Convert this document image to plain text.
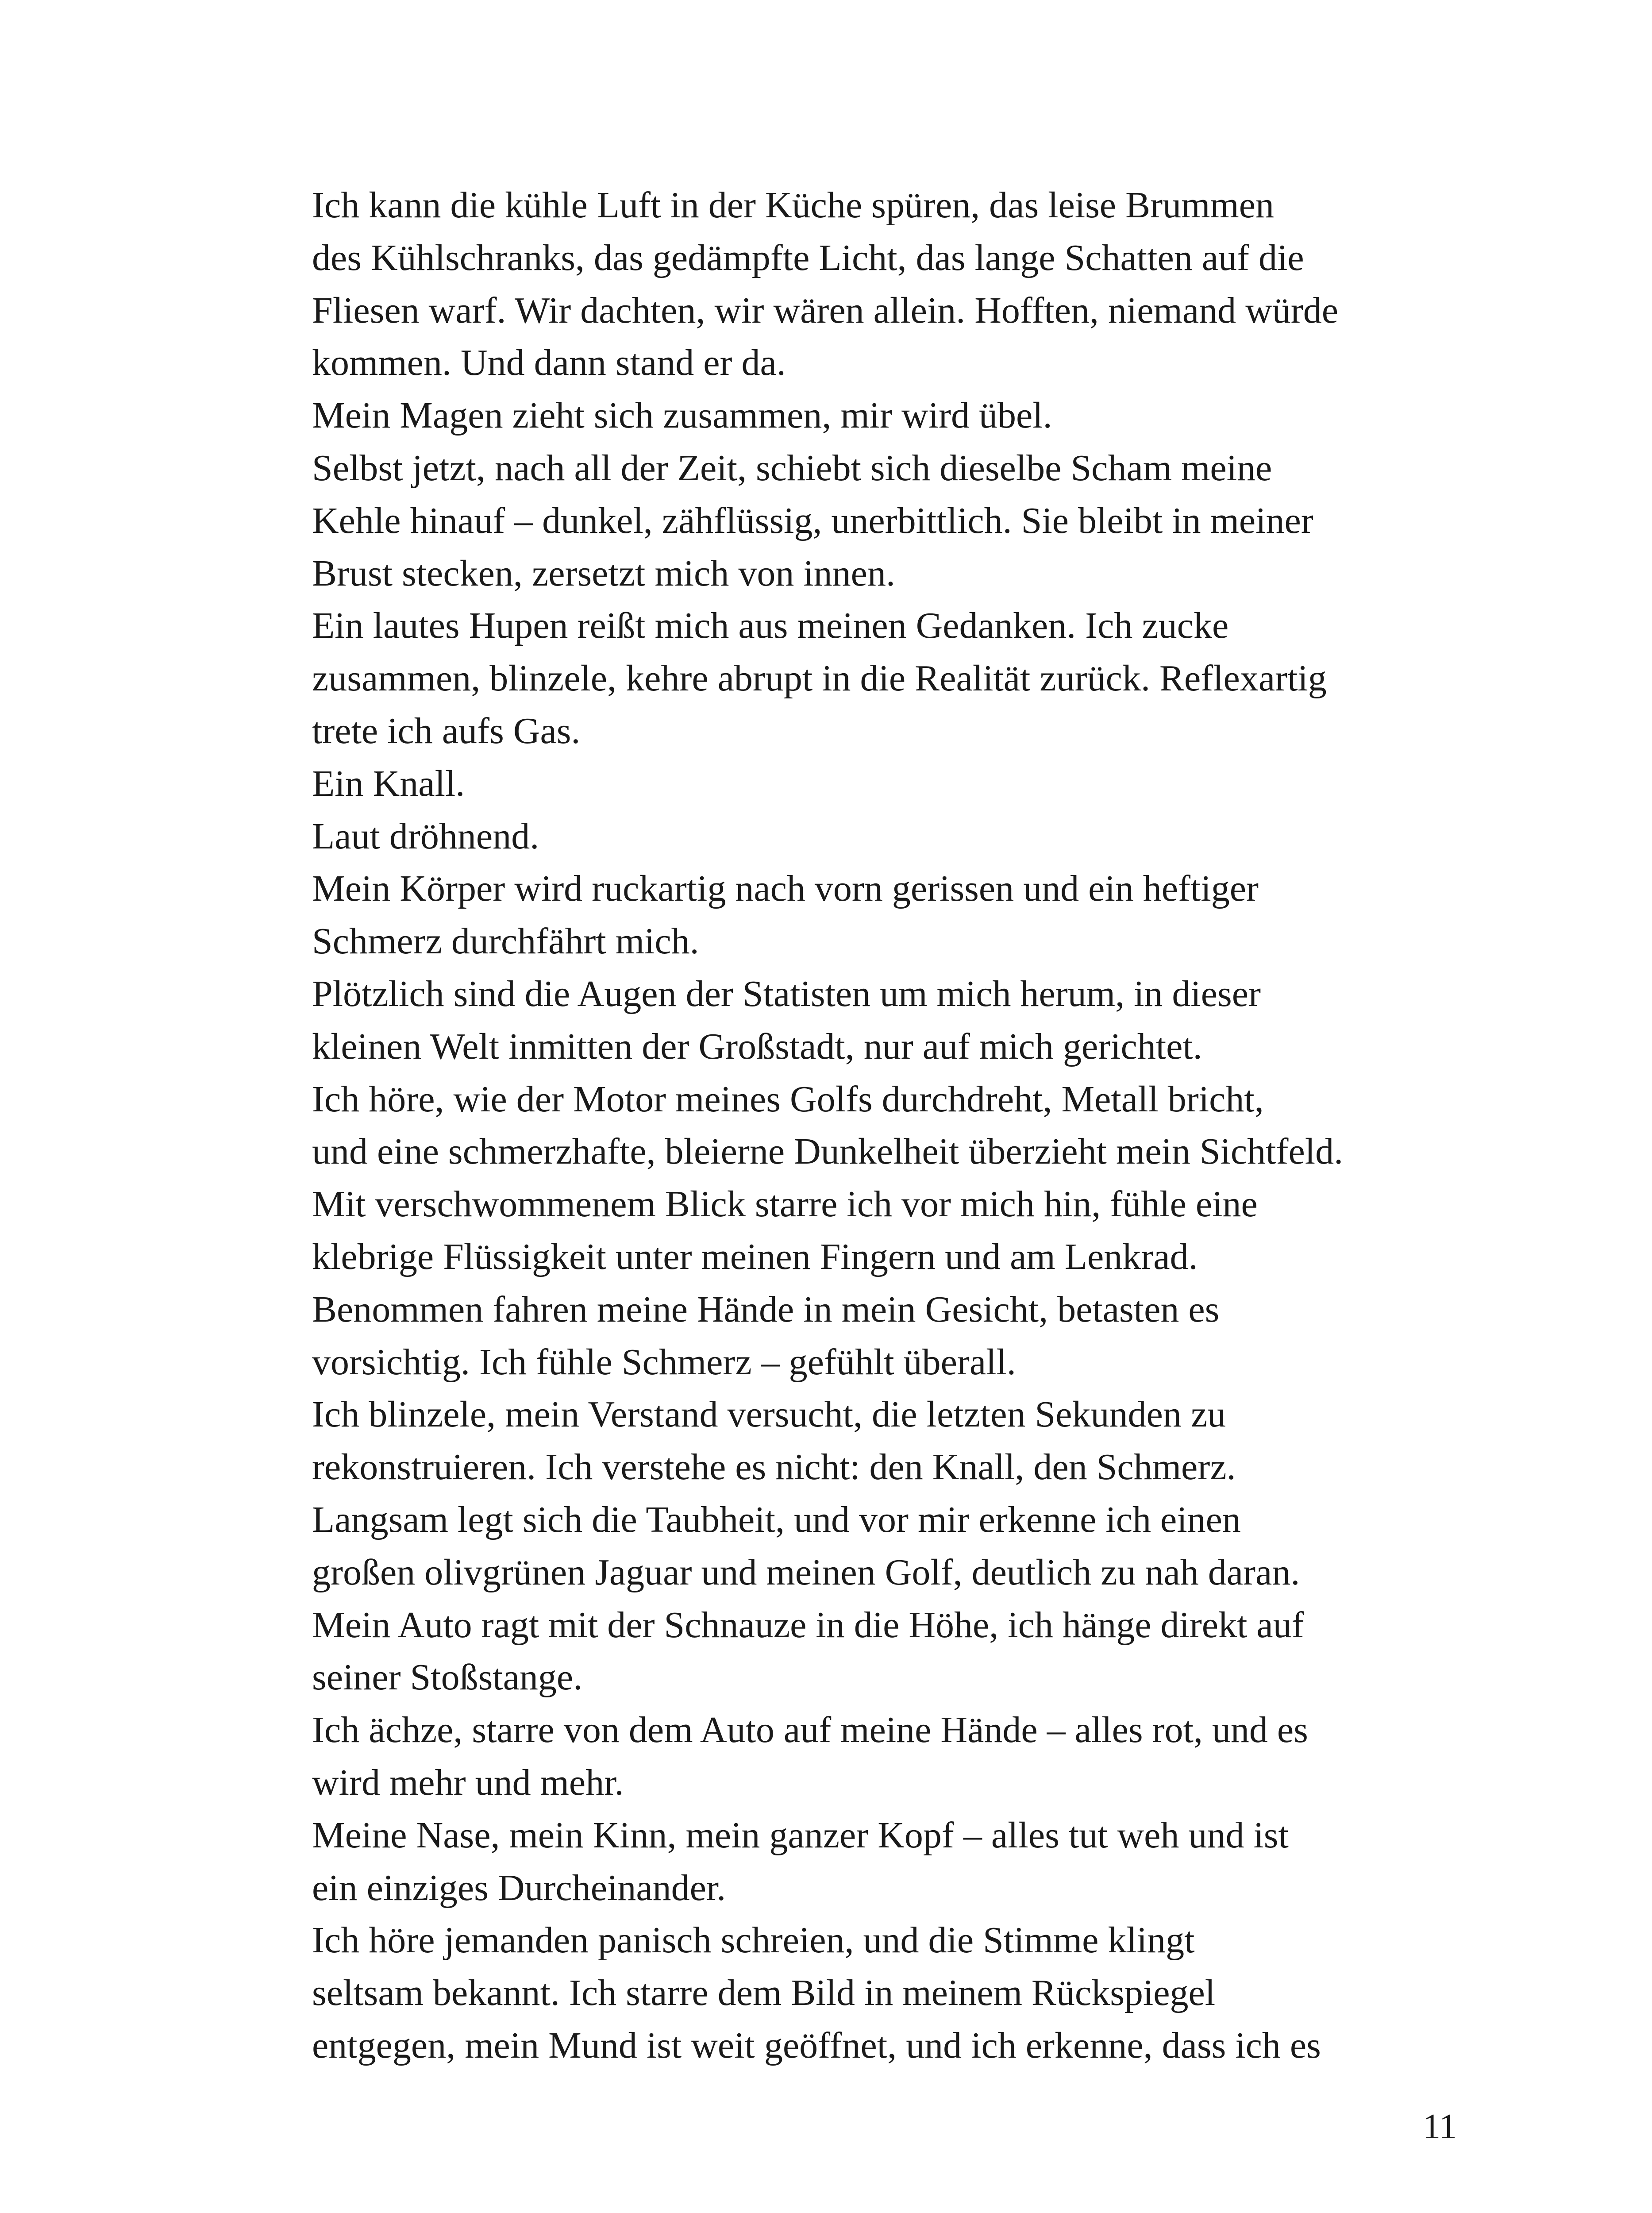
Ich kann die kühle Luft in der Küche spüren, das leise Brummen
des Kühlschranks, das gedämpfte Licht, das lange Schatten auf die
Fliesen warf. Wir dachten, wir wären allein. Hofften, niemand würde
kommen. Und dann stand er da.

Mein Magen zieht sich zusammen, mir wird übel.

Selbst jetzt, nach all der Zeit, schiebt sich dieselbe Scham meine
Kehle hinauf – dunkel, zähflüssig, unerbittlich. Sie bleibt in meiner
Brust stecken, zersetzt mich von innen.

Ein lautes Hupen reißt mich aus meinen Gedanken. Ich zucke
zusammen, blinzele, kehre abrupt in die Realität zurück. Reflexartig
trete ich aufs Gas.

Ein Knall.

Laut dröhnend.

Mein Körper wird ruckartig nach vorn gerissen und ein heftiger
Schmerz durchfährt mich.

Plötzlich sind die Augen der Statisten um mich herum, in dieser
kleinen Welt inmitten der Großstadt, nur auf mich gerichtet.

Ich höre, wie der Motor meines Golfs durchdreht, Metall bricht,
und eine schmerzhafte, bleierne Dunkelheit überzieht mein Sichtfeld.

Mit verschwommenem Blick starre ich vor mich hin, fühle eine
klebrige Flüssigkeit unter meinen Fingern und am Lenkrad.
Benommen fahren meine Hände in mein Gesicht, betasten es
vorsichtig. Ich fühle Schmerz – gefühlt überall.

Ich blinzele, mein Verstand versucht, die letzten Sekunden zu
rekonstruieren. Ich verstehe es nicht: den Knall, den Schmerz.

Langsam legt sich die Taubheit, und vor mir erkenne ich einen
großen olivgrünen Jaguar und meinen Golf, deutlich zu nah daran.

Mein Auto ragt mit der Schnauze in die Höhe, ich hänge direkt auf
seiner Stoßstange.

Ich ächze, starre von dem Auto auf meine Hände – alles rot, und es
wird mehr und mehr.

Meine Nase, mein Kinn, mein ganzer Kopf – alles tut weh und ist
ein einziges Durcheinander.

Ich höre jemanden panisch schreien, und die Stimme klingt
seltsam bekannt. Ich starre dem Bild in meinem Rückspiegel
entgegen, mein Mund ist weit geöffnet, und ich erkenne, dass ich es

11
